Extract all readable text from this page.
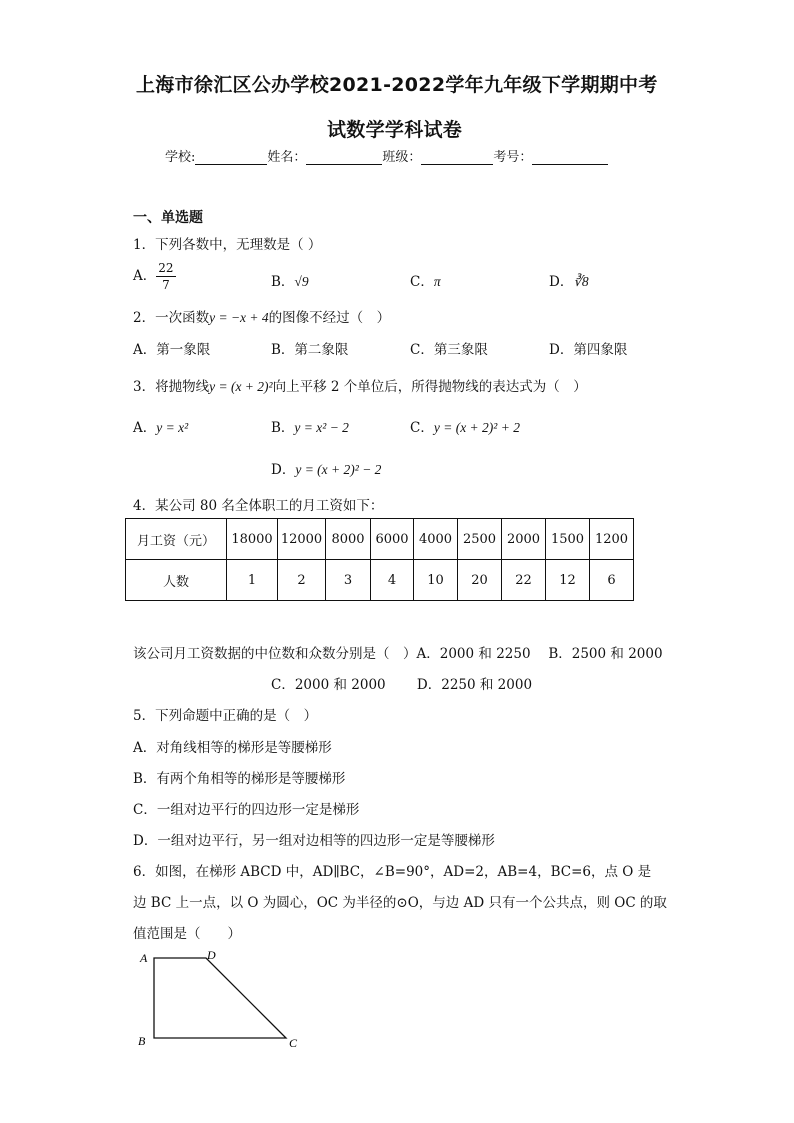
上海市徐汇区公办学校2021-2022学年九年级下学期期中考
试数学学科试卷
学校:	姓名：	班级：	考号：
一、单选题
1．下列各数中，无理数是（ ）
A． $\frac{22}{7}$	B．√9	C．π	D．∛8
2．一次函数y = −x + 4的图像不经过（　）
A．第一象限	B．第二象限	C．第三象限	D．第四象限
3．将抛物线y = (x + 2)²向上平移 2 个单位后，所得抛物线的表达式为（　）
A．y = x²	B．y = x² − 2	C．y = (x + 2)² + 2
D．y = (x + 2)² − 2
4．某公司 80 名全体职工的月工资如下：
月工资（元）	18000	12000	8000	6000	4000	2500	2000	1500	1200
人数	1	2	3	4	10	20	22	12	6
该公司月工资数据的中位数和众数分别是（　）A．2000 和 2250　 B．2500 和 2000
C．2000 和 2000　　 D．2250 和 2000
5．下列命题中正确的是（　）
A．对角线相等的梯形是等腰梯形
B．有两个角相等的梯形是等腰梯形
C．一组对边平行的四边形一定是梯形
D．一组对边平行，另一组对边相等的四边形一定是等腰梯形
6．如图，在梯形 ABCD 中，AD∥BC，∠B=90°，AD=2，AB=4，BC=6，点 O 是
边 BC 上一点，以 O 为圆心，OC 为半径的⊙O，与边 AD 只有一个公共点，则 OC 的取
值范围是（　　）
A	D
B	C
